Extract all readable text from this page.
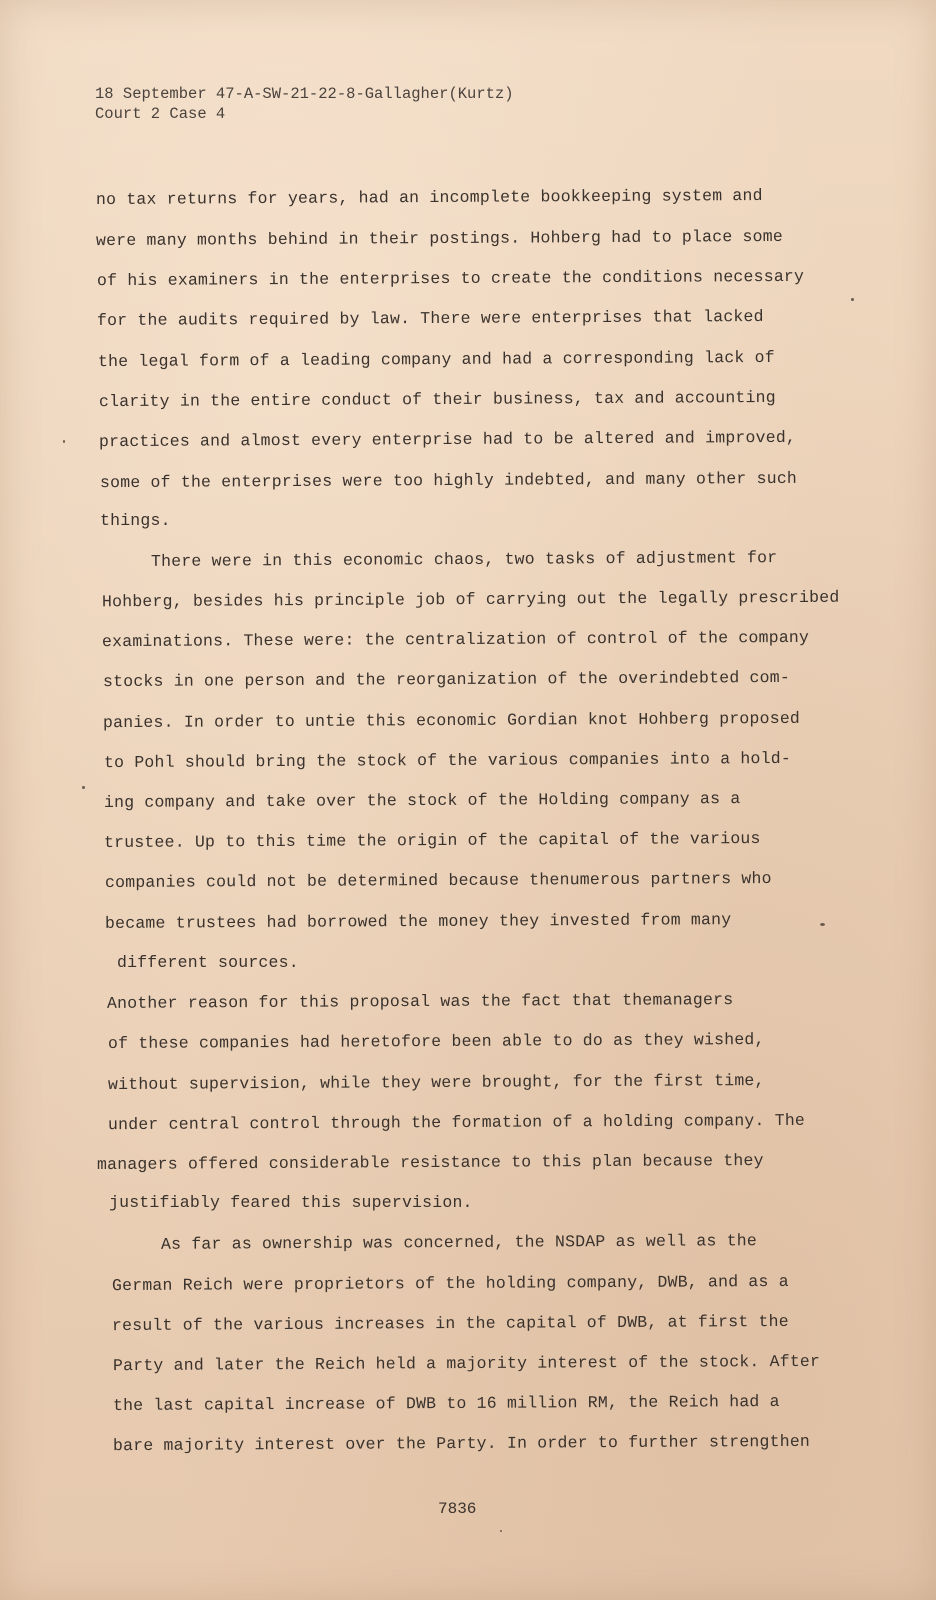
18 September 47-A-SW-21-22-8-Gallagher(Kurtz)
Court 2 Case 4
no tax returns for years, had an incomplete bookkeeping system and
were many months behind in their postings. Hohberg had to place some
of his examiners in the enterprises to create the conditions necessary
for the audits required by law. There were enterprises that lacked
the legal form of a leading company and had a corresponding lack of
clarity in the entire conduct of their business, tax and accounting
practices and almost every enterprise had to be altered and improved,
some of the enterprises were too highly indebted, and many other such
things.
There were in this economic chaos, two tasks of adjustment for
Hohberg, besides his principle job of carrying out the legally prescribed
examinations. These were: the centralization of control of the company
stocks in one person and the reorganization of the overindebted com-
panies. In order to untie this economic Gordian knot Hohberg proposed
to Pohl should bring the stock of the various companies into a hold-
ing company and take over the stock of the Holding company as a
trustee. Up to this time the origin of the capital of the various
companies could not be determined because thenumerous partners who
became trustees had borrowed the money they invested from many
different sources.
Another reason for this proposal was the fact that themanagers
of these companies had heretofore been able to do as they wished,
without supervision, while they were brought, for the first time,
under central control through the formation of a holding company. The
managers offered considerable resistance to this plan because they
justifiably feared this supervision.
As far as ownership was concerned, the NSDAP as well as the
German Reich were proprietors of the holding company, DWB, and as a
result of the various increases in the capital of DWB, at first the
Party and later the Reich held a majority interest of the stock. After
the last capital increase of DWB to 16 million RM, the Reich had a
bare majority interest over the Party. In order to further strengthen
7836
